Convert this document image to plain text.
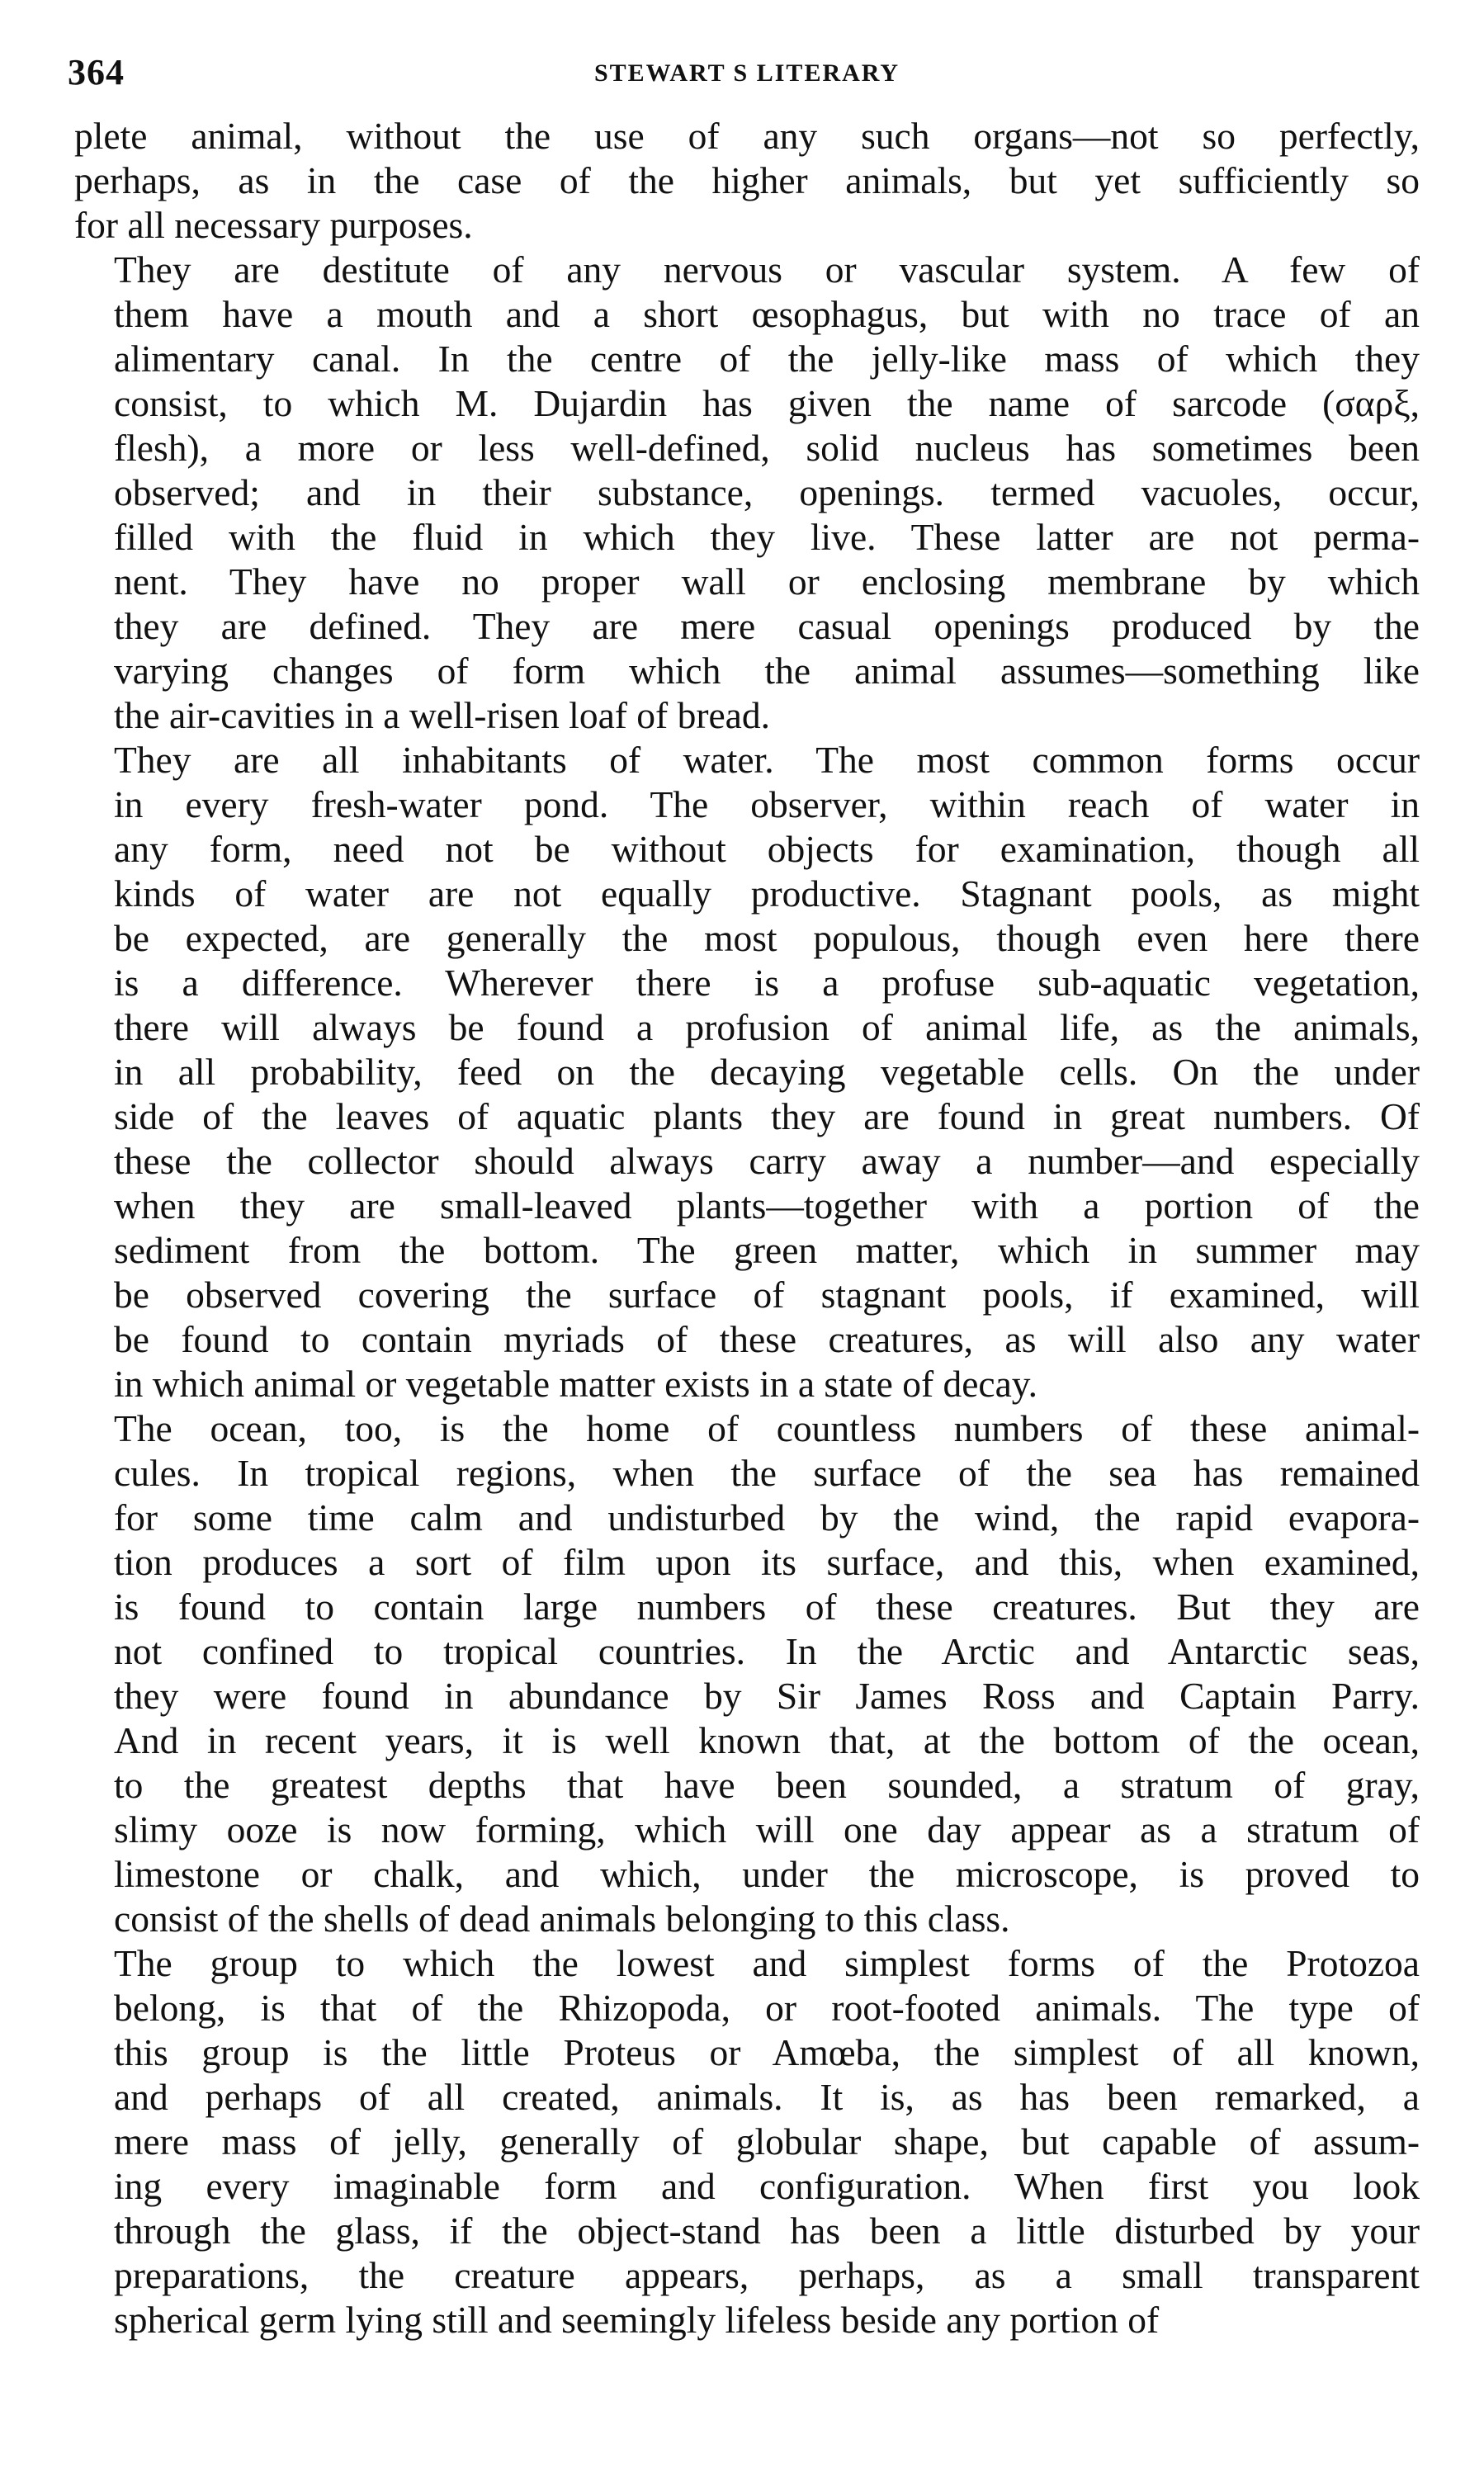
364	STEWART S LITERARY

plete animal, without the use of any such organs—not so perfectly,
perhaps, as in the case of the higher animals, but yet sufficiently so
for all necessary purposes.

They are destitute of any nervous or vascular system. A few of
them have a mouth and a short œsophagus, but with no trace of an
alimentary canal. In the centre of the jelly-like mass of which they
consist, to which M. Dujardin has given the name of sarcode (σαρξ,
flesh), a more or less well-defined, solid nucleus has sometimes been
observed; and in their substance, openings. termed vacuoles, occur,
filled with the fluid in which they live. These latter are not perma-
nent. They have no proper wall or enclosing membrane by which
they are defined. They are mere casual openings produced by the
varying changes of form which the animal assumes—something like
the air-cavities in a well-risen loaf of bread.

They are all inhabitants of water. The most common forms occur
in every fresh-water pond. The observer, within reach of water in
any form, need not be without objects for examination, though all
kinds of water are not equally productive. Stagnant pools, as might
be expected, are generally the most populous, though even here there
is a difference. Wherever there is a profuse sub-aquatic vegetation,
there will always be found a profusion of animal life, as the animals,
in all probability, feed on the decaying vegetable cells. On the under
side of the leaves of aquatic plants they are found in great numbers. Of
these the collector should always carry away a number—and especially
when they are small-leaved plants—together with a portion of the
sediment from the bottom. The green matter, which in summer may
be observed covering the surface of stagnant pools, if examined, will
be found to contain myriads of these creatures, as will also any water
in which animal or vegetable matter exists in a state of decay.

The ocean, too, is the home of countless numbers of these animal-
cules. In tropical regions, when the surface of the sea has remained
for some time calm and undisturbed by the wind, the rapid evapora-
tion produces a sort of film upon its surface, and this, when examined,
is found to contain large numbers of these creatures. But they are
not confined to tropical countries. In the Arctic and Antarctic seas,
they were found in abundance by Sir James Ross and Captain Parry.
And in recent years, it is well known that, at the bottom of the ocean,
to the greatest depths that have been sounded, a stratum of gray,
slimy ooze is now forming, which will one day appear as a stratum of
limestone or chalk, and which, under the microscope, is proved to
consist of the shells of dead animals belonging to this class.

The group to which the lowest and simplest forms of the Protozoa
belong, is that of the Rhizopoda, or root-footed animals. The type of
this group is the little Proteus or Amœba, the simplest of all known,
and perhaps of all created, animals. It is, as has been remarked, a
mere mass of jelly, generally of globular shape, but capable of assum-
ing every imaginable form and configuration. When first you look
through the glass, if the object-stand has been a little disturbed by your
preparations, the creature appears, perhaps, as a small transparent
spherical germ lying still and seemingly lifeless beside any portion of
